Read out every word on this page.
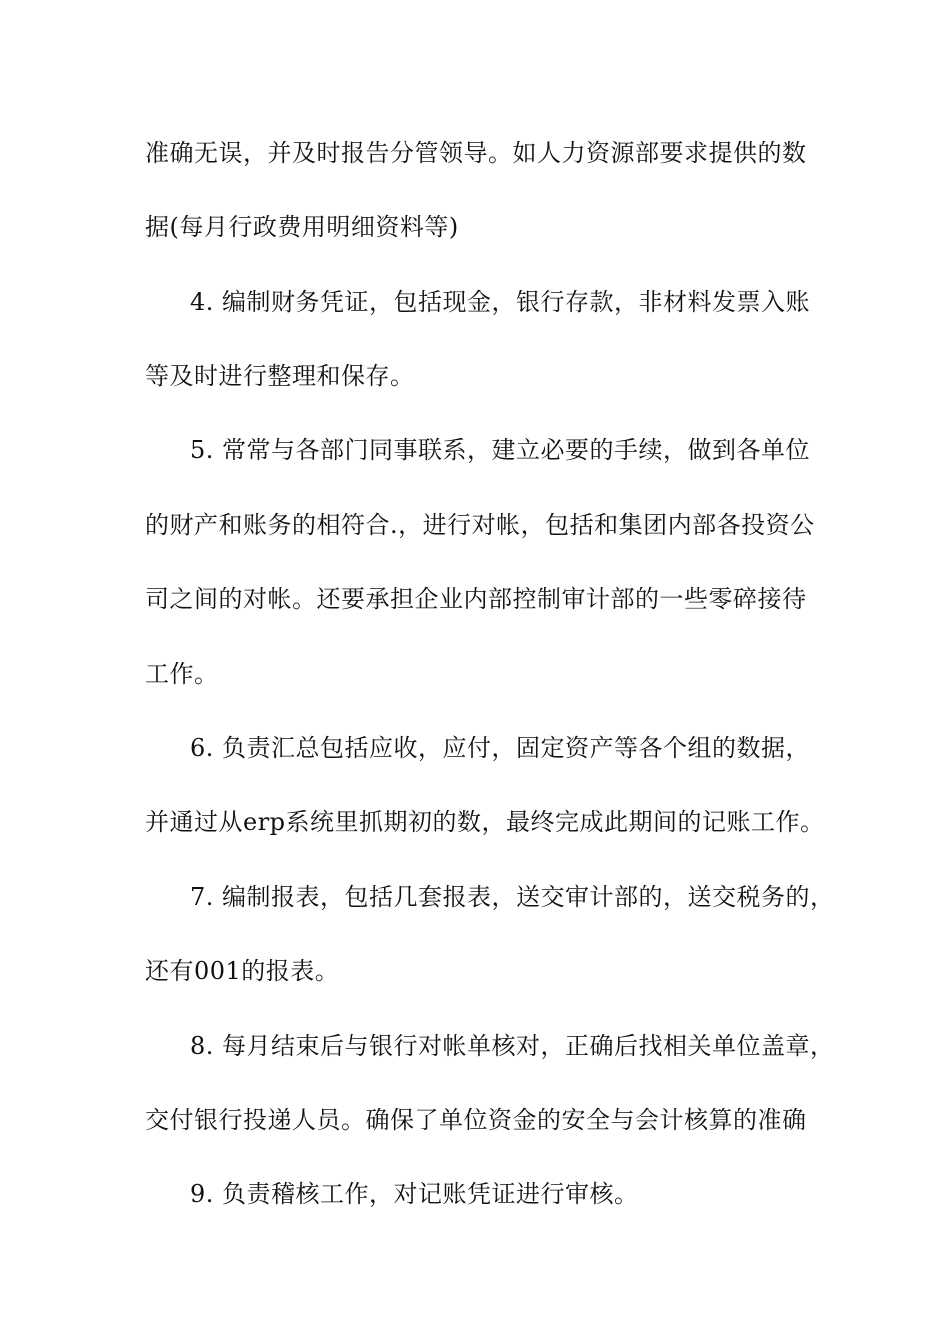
准确无误，并及时报告分管领导。如人力资源部要求提供的数
据(每月行政费用明细资料等)
4. 编制财务凭证，包括现金，银行存款，非材料发票入账
等及时进行整理和保存。
5. 常常与各部门同事联系，建立必要的手续，做到各单位
的财产和账务的相符合.，进行对帐，包括和集团内部各投资公
司之间的对帐。还要承担企业内部控制审计部的一些零碎接待
工作。
6. 负责汇总包括应收，应付，固定资产等各个组的数据，
并通过从erp系统里抓期初的数，最终完成此期间的记账工作。
7. 编制报表，包括几套报表，送交审计部的，送交税务的，
还有001的报表。
8. 每月结束后与银行对帐单核对，正确后找相关单位盖章，
交付银行投递人员。确保了单位资金的安全与会计核算的准确
9. 负责稽核工作，对记账凭证进行审核。
